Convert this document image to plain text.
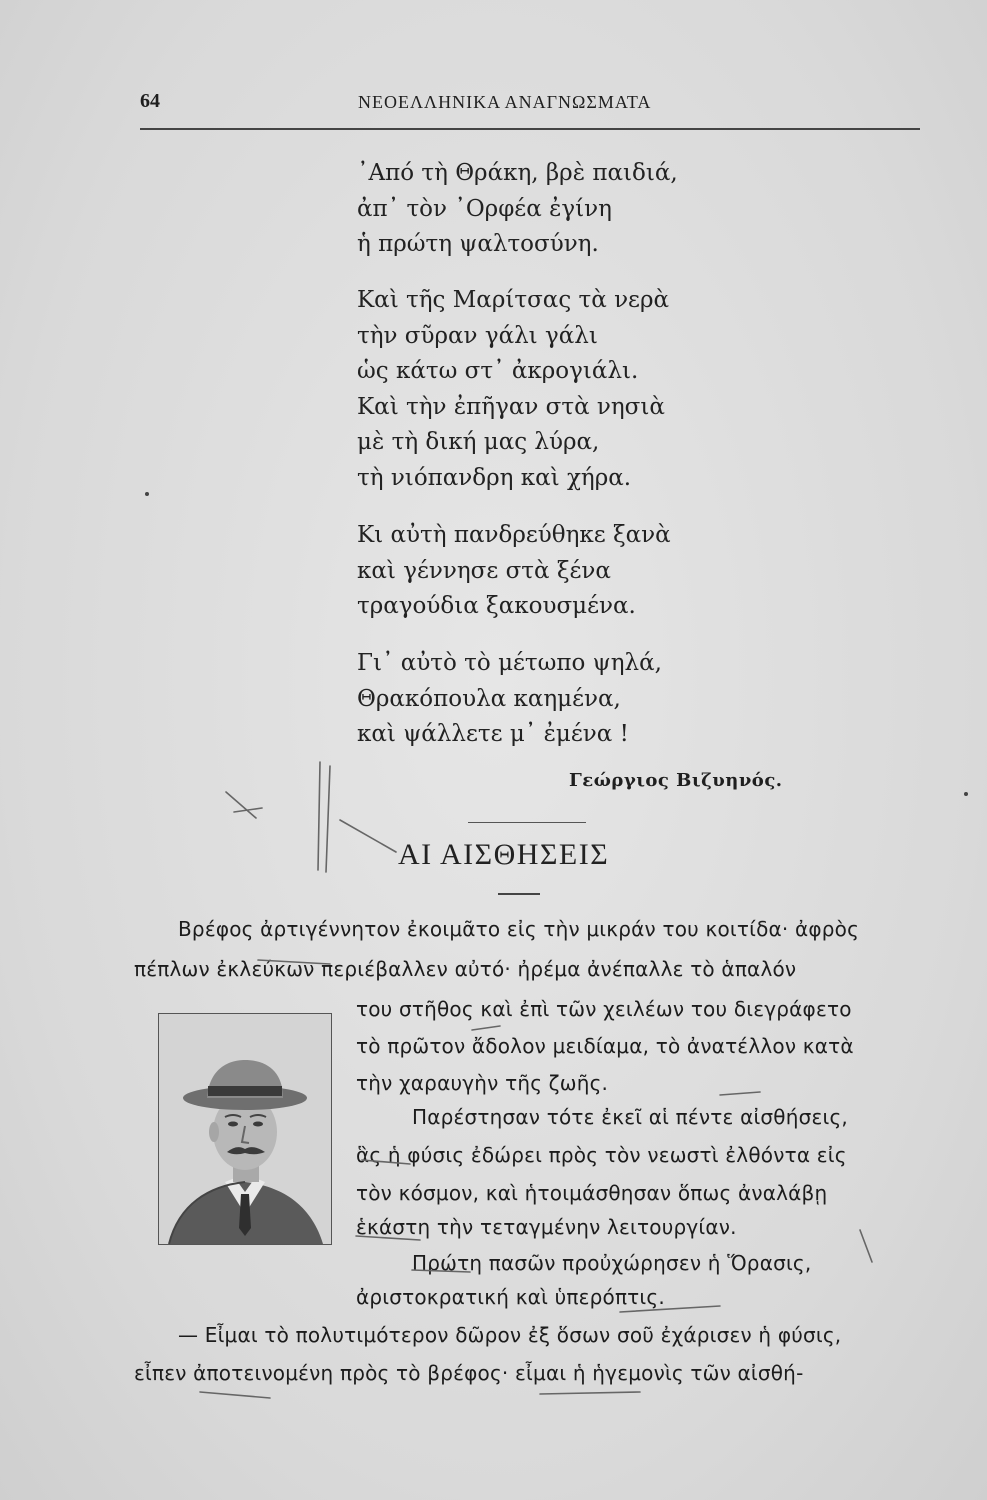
64	ΝΕΟΕΛΛΗΝΙΚΑ ΑΝΑΓΝΩΣΜΑΤΑ
᾿Από τὴ Θράκη, βρὲ παιδιά,
ἀπ᾿ τὸν ᾿Ορφέα ἐγίνη
ἡ πρώτη ψαλτοσύνη.
Καὶ τῆς Μαρίτσας τὰ νερὰ
τὴν σῦραν γάλι γάλι
ὡς κάτω στ᾿ ἀκρογιάλι.
Καὶ τὴν ἐπῆγαν στὰ νησιὰ
μὲ τὴ δική μας λύρα,
τὴ νιόπανδρη καὶ χήρα.
Κι αὐτὴ πανδρεύθηκε ξανὰ
καὶ γέννησε στὰ ξένα
τραγούδια ξακουσμένα.
Γι᾿ αὐτὸ τὸ μέτωπο ψηλά,
Θρακόπουλα καημένα,
καὶ ψάλλετε μ᾿ ἐμένα !
Γεώργιος Βιζυηνός.
ΑΙ ΑΙΣΘΗΣΕΙΣ
Βρέφος ἀρτιγέννητον ἐκοιμᾶτο εἰς τὴν μικράν του κοιτίδα· ἀφρὸς
πέπλων ἐκλεύκων περιέβαλλεν αὐτό· ἠρέμα ἀνέπαλλε τὸ ἁπαλόν
του στῆθος καὶ ἐπὶ τῶν χειλέων του διεγράφετο
τὸ πρῶτον ἄδολον μειδίαμα, τὸ ἀνατέλλον κατὰ
τὴν χαραυγὴν τῆς ζωῆς.
Παρέστησαν τότε ἐκεῖ αἱ πέντε αἰσθήσεις,
ἃς ἡ φύσις ἐδώρει πρὸς τὸν νεωστὶ ἐλθόντα εἰς
τὸν κόσμον, καὶ ἡτοιμάσθησαν ὅπως ἀναλάβῃ
ἑκάστη τὴν τεταγμένην λειτουργίαν.
Πρώτη πασῶν προὐχώρησεν ἡ Ὅρασις,
ἀριστοκρατική καὶ ὑπερόπτις.
— Εἶμαι τὸ πολυτιμότερον δῶρον ἐξ ὅσων σοῦ ἐχάρισεν ἡ φύσις,
εἶπεν ἀποτεινομένη πρὸς τὸ βρέφος· εἶμαι ἡ ἡγεμονὶς τῶν αἰσθή-
